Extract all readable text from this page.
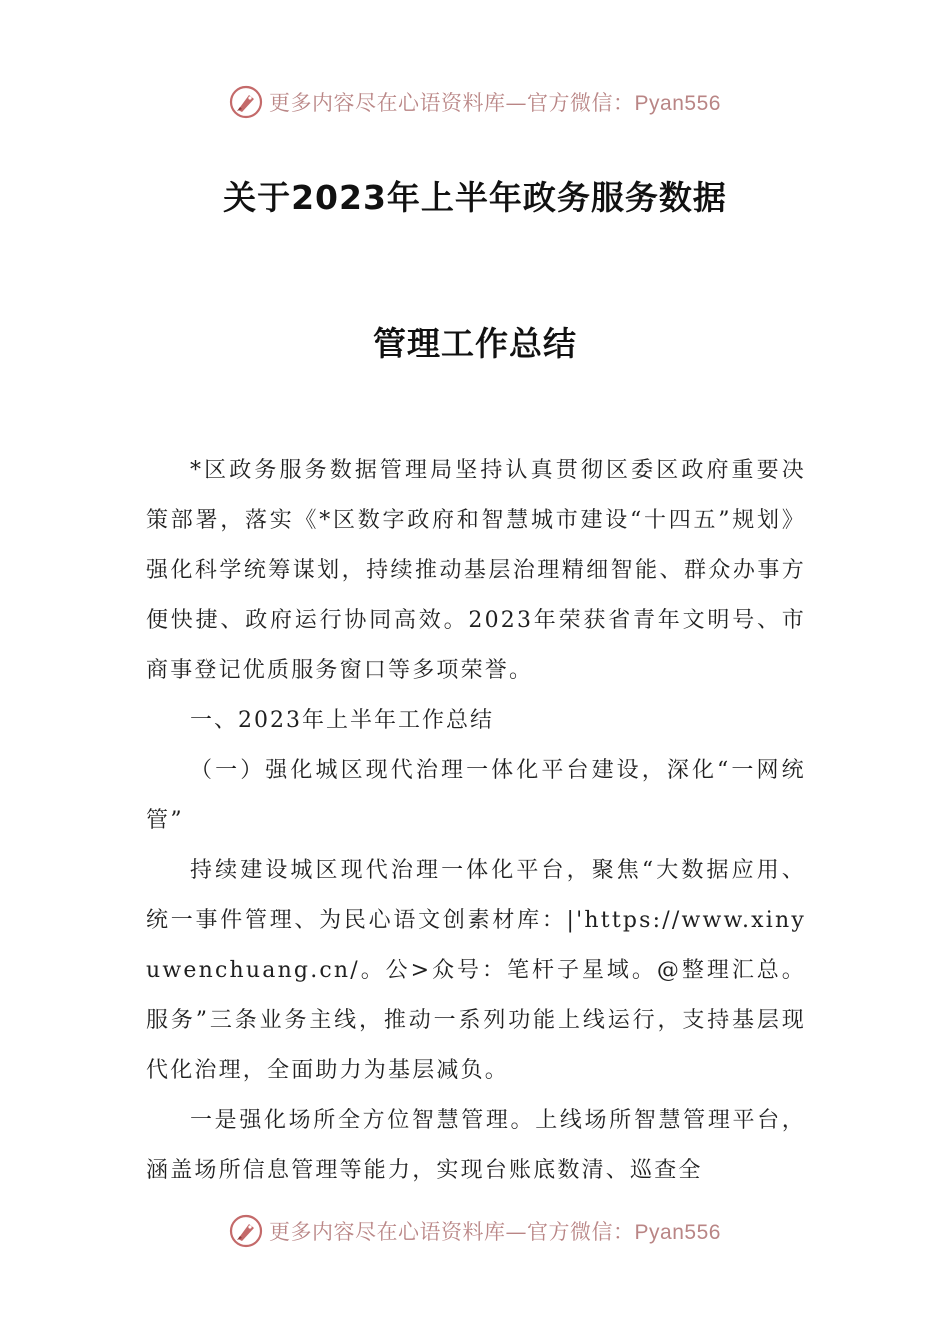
更多内容尽在心语资料库—官方微信：Pyan556
关于2023年上半年政务服务数据
管理工作总结

*区政务服务数据管理局坚持认真贯彻区委区政府重要决策部署，落实《*区数字政府和智慧城市建设“十四五”规划》强化科学统筹谋划，持续推动基层治理精细智能、群众办事方便快捷、政府运行协同高效。2023年荣获省青年文明号、市商事登记优质服务窗口等多项荣誉。

一、2023年上半年工作总结

（一）强化城区现代治理一体化平台建设，深化“一网统管”

持续建设城区现代治理一体化平台，聚焦“大数据应用、统一事件管理、为民心语文创素材库：|'https://www.xinyuwenchuang.cn/。公>众号：笔杆子星域。@整理汇总。服务”三条业务主线，推动一系列功能上线运行，支持基层现代化治理，全面助力为基层减负。

一是强化场所全方位智慧管理。上线场所智慧管理平台，涵盖场所信息管理等能力，实现台账底数清、巡查全

更多内容尽在心语资料库—官方微信：Pyan556
